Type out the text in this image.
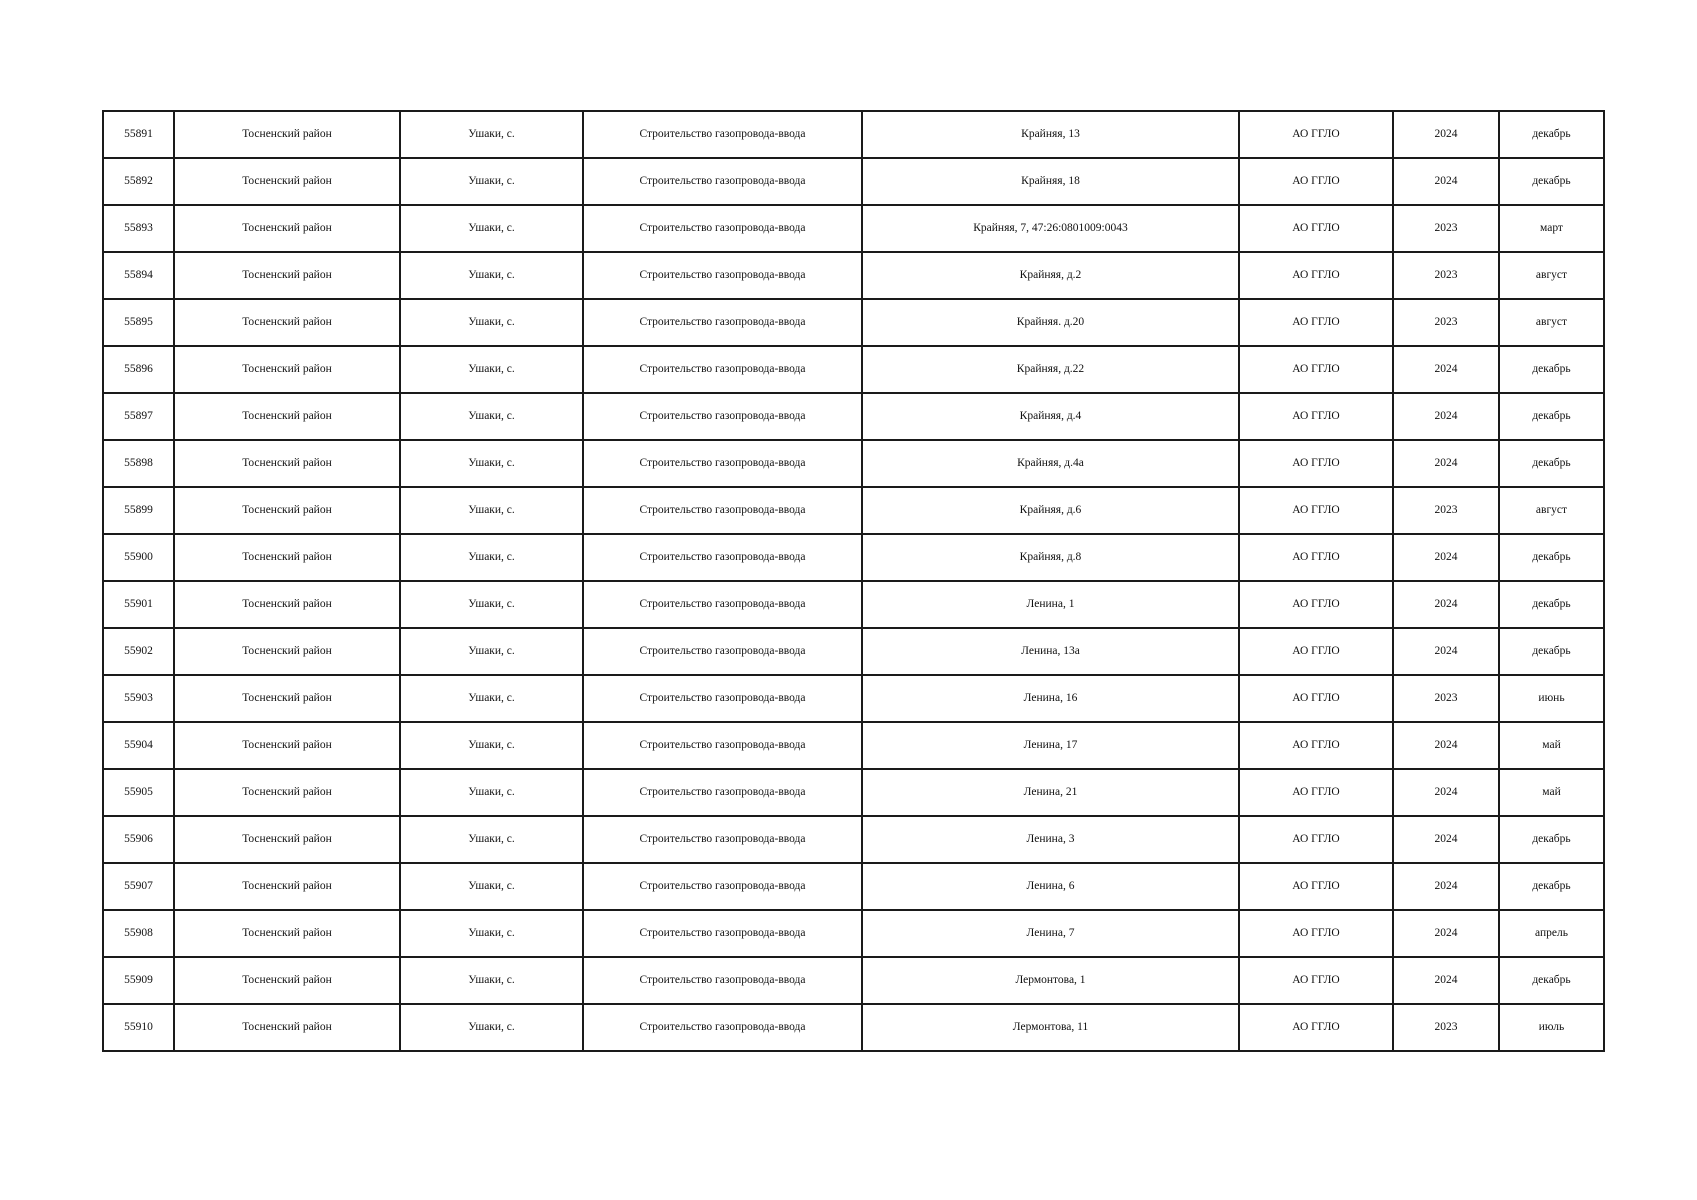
55891	Тосненский район	Ушаки, с.	Строительство газопровода-ввода	Крайняя, 13	АО ГГЛО	2024	декабрь
55892	Тосненский район	Ушаки, с.	Строительство газопровода-ввода	Крайняя, 18	АО ГГЛО	2024	декабрь
55893	Тосненский район	Ушаки, с.	Строительство газопровода-ввода	Крайняя, 7, 47:26:0801009:0043	АО ГГЛО	2023	март
55894	Тосненский район	Ушаки, с.	Строительство газопровода-ввода	Крайняя, д.2	АО ГГЛО	2023	август
55895	Тосненский район	Ушаки, с.	Строительство газопровода-ввода	Крайняя. д.20	АО ГГЛО	2023	август
55896	Тосненский район	Ушаки, с.	Строительство газопровода-ввода	Крайняя, д.22	АО ГГЛО	2024	декабрь
55897	Тосненский район	Ушаки, с.	Строительство газопровода-ввода	Крайняя, д.4	АО ГГЛО	2024	декабрь
55898	Тосненский район	Ушаки, с.	Строительство газопровода-ввода	Крайняя, д.4а	АО ГГЛО	2024	декабрь
55899	Тосненский район	Ушаки, с.	Строительство газопровода-ввода	Крайняя, д.6	АО ГГЛО	2023	август
55900	Тосненский район	Ушаки, с.	Строительство газопровода-ввода	Крайняя, д.8	АО ГГЛО	2024	декабрь
55901	Тосненский район	Ушаки, с.	Строительство газопровода-ввода	Ленина, 1	АО ГГЛО	2024	декабрь
55902	Тосненский район	Ушаки, с.	Строительство газопровода-ввода	Ленина, 13а	АО ГГЛО	2024	декабрь
55903	Тосненский район	Ушаки, с.	Строительство газопровода-ввода	Ленина, 16	АО ГГЛО	2023	июнь
55904	Тосненский район	Ушаки, с.	Строительство газопровода-ввода	Ленина, 17	АО ГГЛО	2024	май
55905	Тосненский район	Ушаки, с.	Строительство газопровода-ввода	Ленина, 21	АО ГГЛО	2024	май
55906	Тосненский район	Ушаки, с.	Строительство газопровода-ввода	Ленина, 3	АО ГГЛО	2024	декабрь
55907	Тосненский район	Ушаки, с.	Строительство газопровода-ввода	Ленина, 6	АО ГГЛО	2024	декабрь
55908	Тосненский район	Ушаки, с.	Строительство газопровода-ввода	Ленина, 7	АО ГГЛО	2024	апрель
55909	Тосненский район	Ушаки, с.	Строительство газопровода-ввода	Лермонтова, 1	АО ГГЛО	2024	декабрь
55910	Тосненский район	Ушаки, с.	Строительство газопровода-ввода	Лермонтова, 11	АО ГГЛО	2023	июль
